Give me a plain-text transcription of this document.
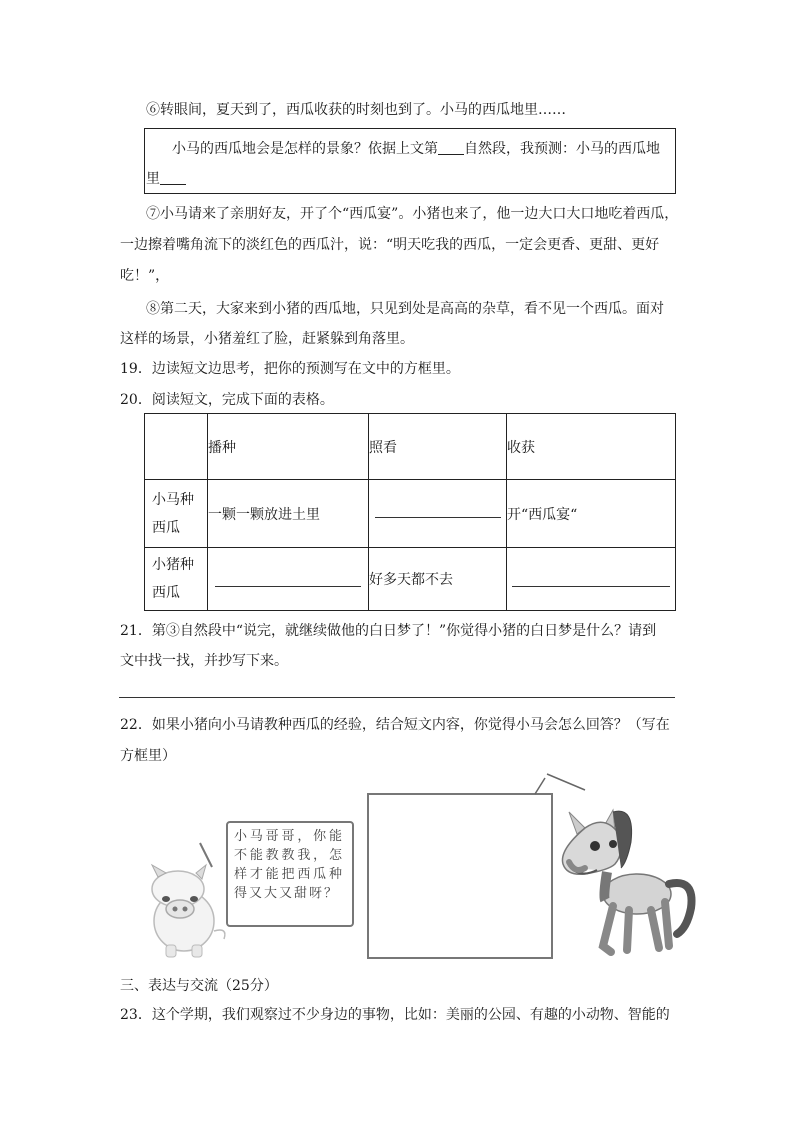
⑥转眼间，夏天到了，西瓜收获的时刻也到了。小马的西瓜地里……
小马的西瓜地会是怎样的景象？依据上文第 自然段，我预测：小马的西瓜地
里
⑦小马请来了亲朋好友，开了个“西瓜宴”。小猪也来了，他一边大口大口地吃着西瓜，
一边擦着嘴角流下的淡红色的西瓜汁，说：“明天吃我的西瓜，一定会更香、更甜、更好
吃！”，
⑧第二天，大家来到小猪的西瓜地，只见到处是高高的杂草，看不见一个西瓜。面对
这样的场景，小猪羞红了脸，赶紧躲到角落里。
19．边读短文边思考，把你的预测写在文中的方框里。
20．阅读短文，完成下面的表格。
	播种	照看	收获

小马种
西瓜	一颗一颗放进土里		开“西瓜宴“

小猪种
西瓜		好多天都不去	
21．第③自然段中“说完，就继续做他的白日梦了！”你觉得小猪的白日梦是什么？请到
文中找一找，并抄写下来。
22．如果小猪向小马请教种西瓜的经验，结合短文内容，你觉得小马会怎么回答？（写在
方框里）
小马哥哥，你能不能教教我，怎样才能把西瓜种得又大又甜呀？
三、表达与交流（25分）
23．这个学期，我们观察过不少身边的事物，比如：美丽的公园、有趣的小动物、智能的
